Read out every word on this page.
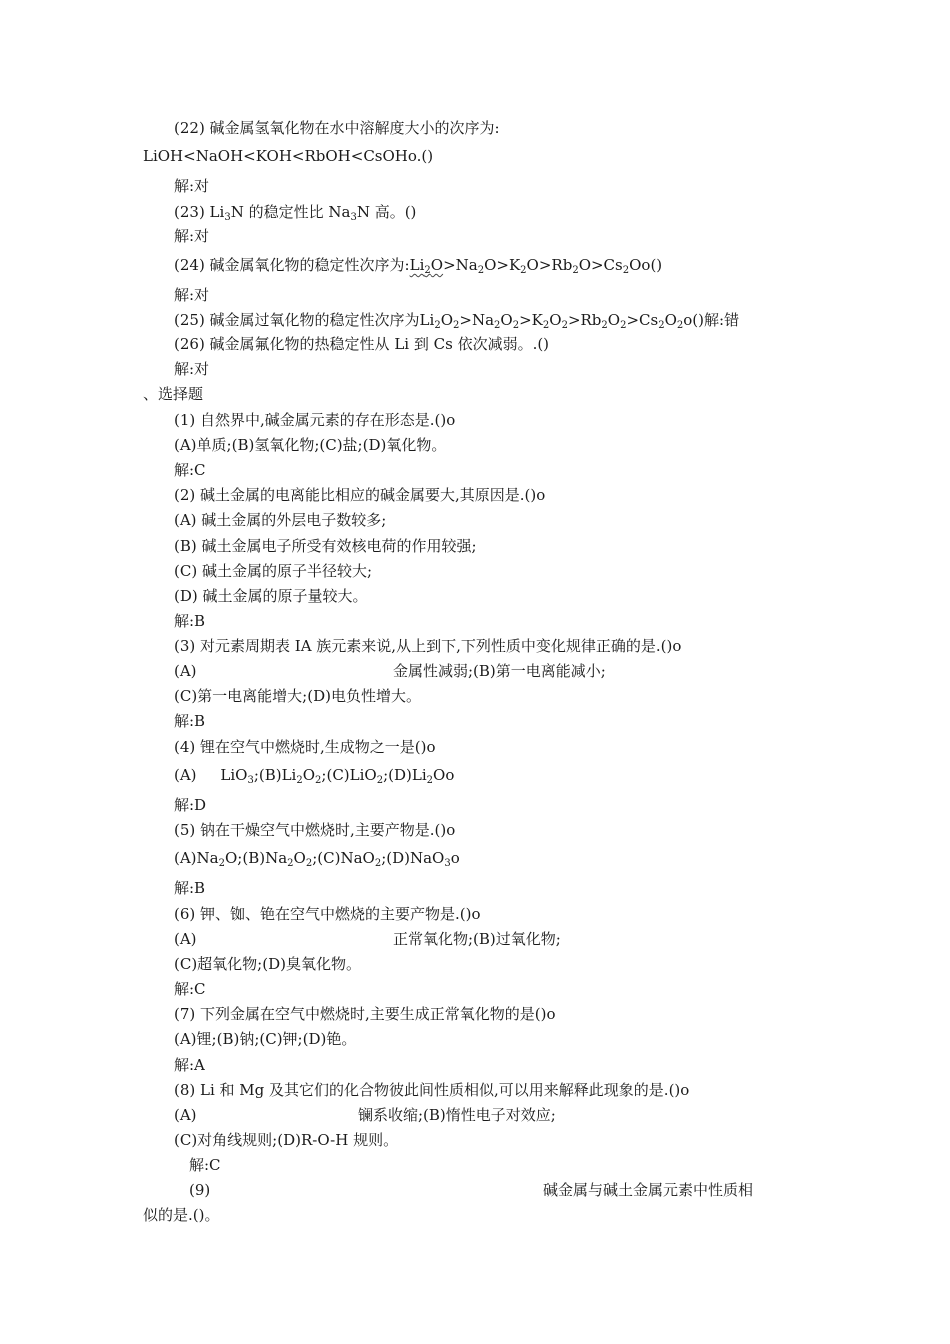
(22) 碱金属氢氧化物在水中溶解度大小的次序为:
LiOH<NaOH<KOH<RbOH<CsOHo.()
解:对
(23) $Li_3N$ 的稳定性比 $Na_3N$ 高。()
解:对
(24) 碱金属氧化物的稳定性次序为$:Li_2O>Na_2O>K_2O>Rb_2O>Cs_2Oo()$
解:对
(25) 碱金属过氧化物的稳定性次序为$Li_2O_2>Na_2O_2>K_2O_2>Rb_2O_2>Cs_2O_2o()$解:错
(26) 碱金属氟化物的热稳定性从 Li 到 Cs 依次减弱。.()
解:对
、选择题
(1) 自然界中,碱金属元素的存在形态是.()o
(A)单质;(B)氢氧化物;(C)盐;(D)氧化物。
解:C
(2) 碱土金属的电离能比相应的碱金属要大,其原因是.()o
(A) 碱土金属的外层电子数较多;
(B) 碱土金属电子所受有效核电荷的作用较强;
(C) 碱土金属的原子半径较大;
(D) 碱土金属的原子量较大。
解:B
(3) 对元素周期表 IA 族元素来说,从上到下,下列性质中变化规律正确的是.()o
(A)	金属性减弱;(B)第一电离能减小;
(C)第一电离能增大;(D)电负性增大。
解:B
(4) 锂在空气中燃烧时,生成物之一是()o
(A)     $LiO_3;(B)Li_2O_2;(C)LiO_2;(D)Li_2Oo$
解:D
(5) 钠在干燥空气中燃烧时,主要产物是.()o
$(A)Na_2O;(B)Na_2O_2;(C)NaO_2;(D)NaO_3o$
解:B
(6) 钾、铷、铯在空气中燃烧的主要产物是.()o
(A)	正常氧化物;(B)过氧化物;
(C)超氧化物;(D)臭氧化物。
解:C
(7) 下列金属在空气中燃烧时,主要生成正常氧化物的是()o
(A)锂;(B)钠;(C)钾;(D)铯。
解:A
(8) Li 和 Mg 及其它们的化合物彼此间性质相似,可以用来解释此现象的是.()o
(A)	镧系收缩;(B)惰性电子对效应;
(C)对角线规则;(D)R-O-H 规则。
解:C
(9)	碱金属与碱土金属元素中性质相
似的是.()。
